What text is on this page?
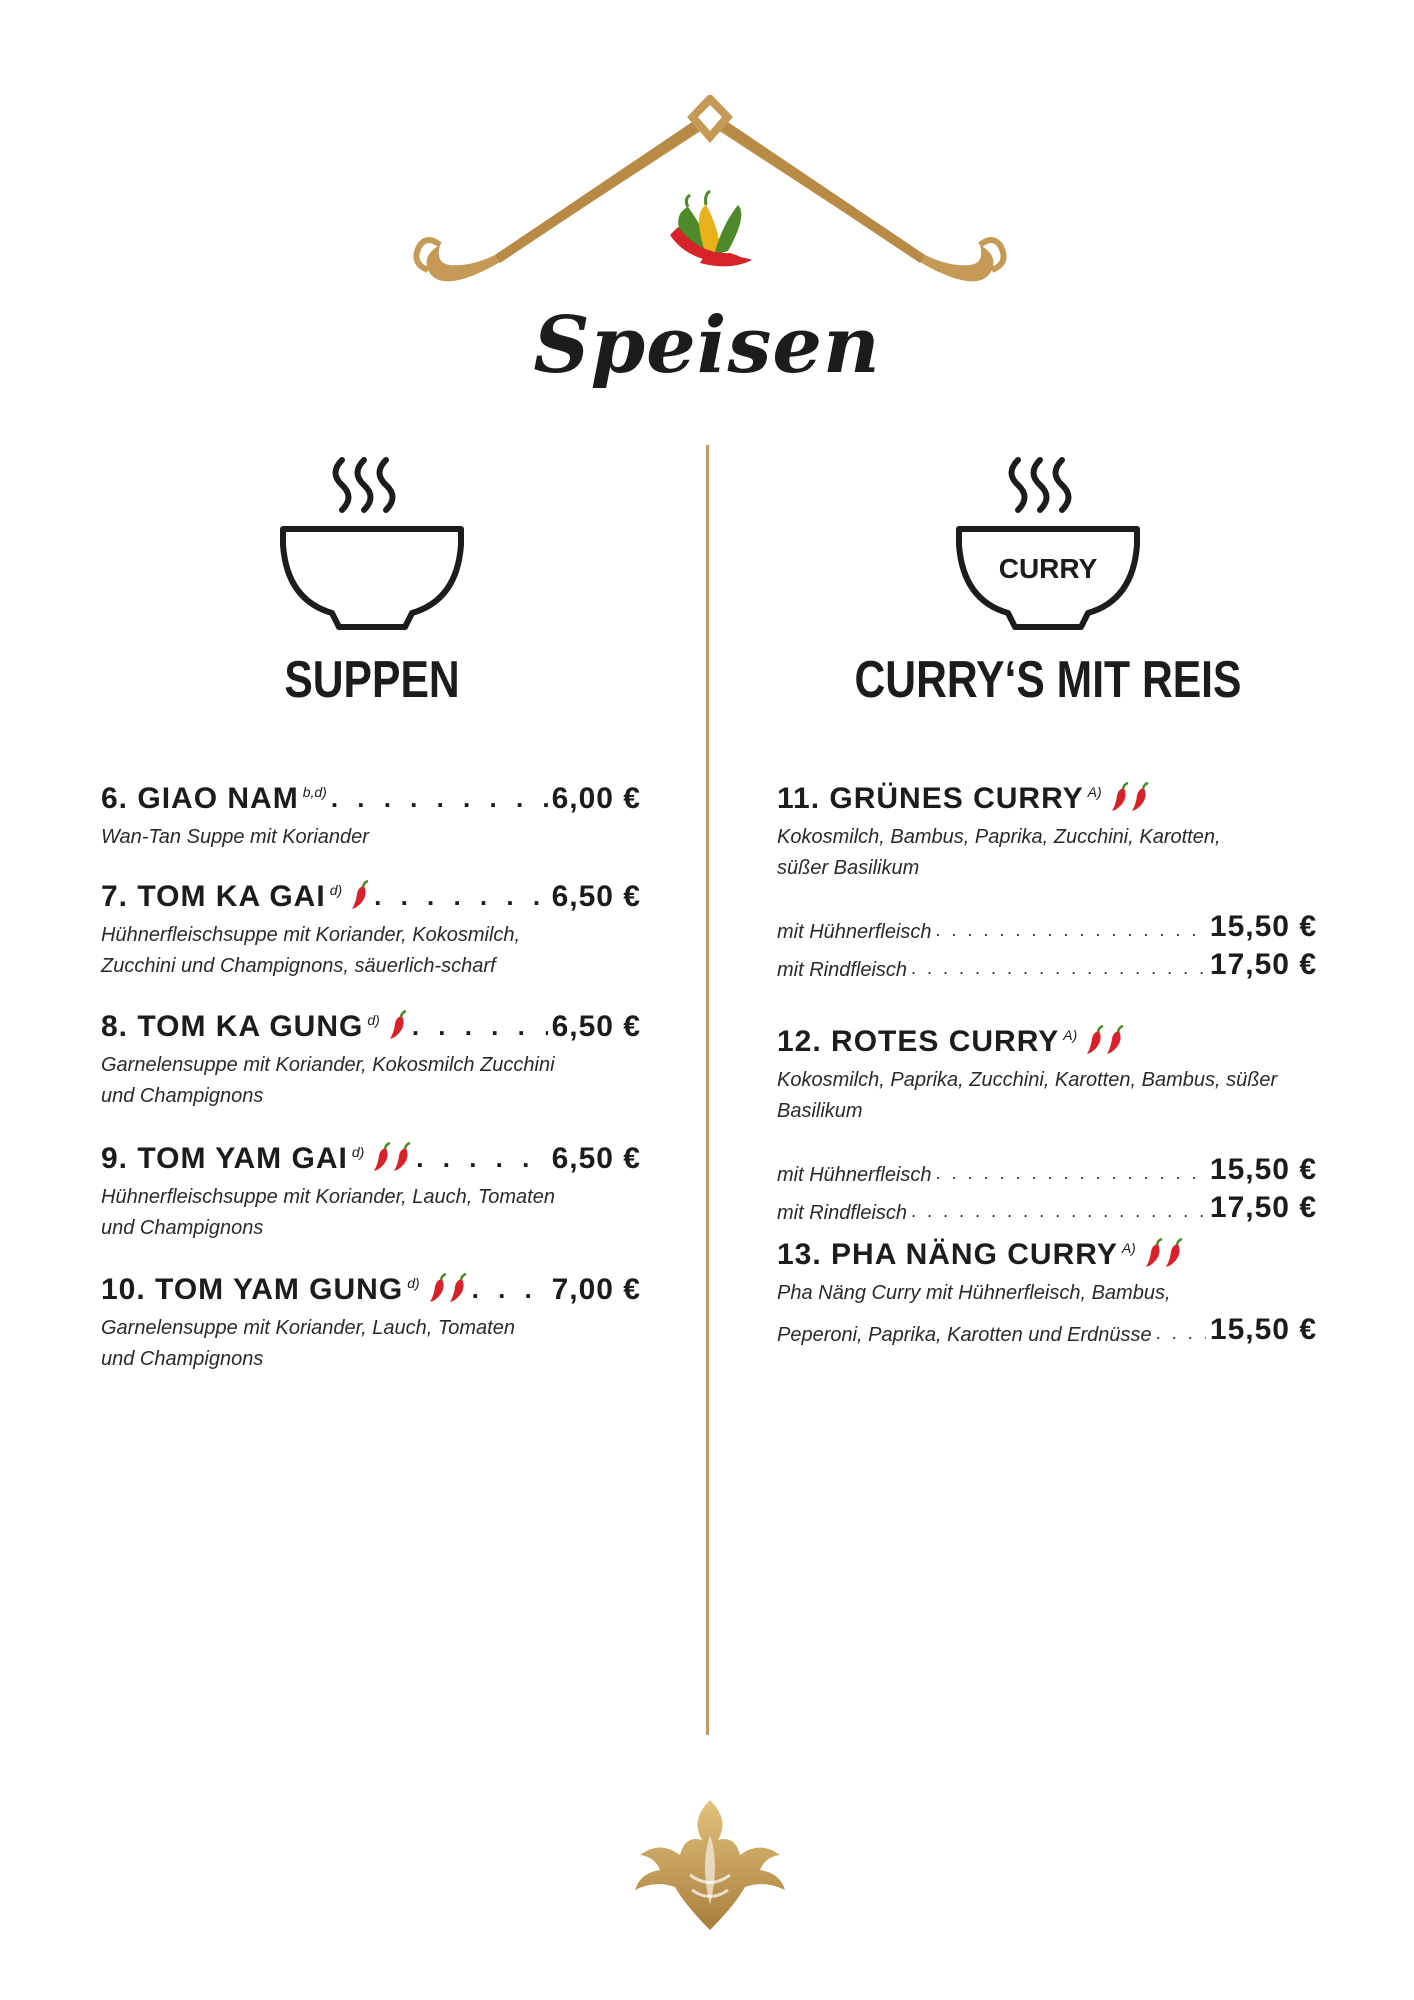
Speisen
SUPPEN
CURRY
CURRY‘S MIT REIS
6. GIAO NAM b,d) . . .	6,00 €
Wan-Tan Suppe mit Koriander
7. TOM KA GAI d) . . .	6,50 €
Hühnerfleischsuppe mit Koriander, Kokosmilch,
Zucchini und Champignons, säuerlich-scharf
8. TOM KA GUNG d) . . .	6,50 €
Garnelensuppe mit Koriander, Kokosmilch Zucchini
und Champignons
9. TOM YAM GAI d) . . .	6,50 €
Hühnerfleischsuppe mit Koriander, Lauch, Tomaten
und Champignons
10. TOM YAM GUNG d) . . .	7,00 €
Garnelensuppe mit Koriander, Lauch, Tomaten
und Champignons
11. GRÜNES CURRY A)
Kokosmilch, Bambus, Paprika, Zucchini, Karotten,
süßer Basilikum
mit Hühnerfleisch . . .	15,50 €
mit Rindfleisch . . .	17,50 €
12. ROTES CURRY A)
Kokosmilch, Paprika, Zucchini, Karotten, Bambus, süßer Basilikum
mit Hühnerfleisch . . .	15,50 €
mit Rindfleisch . . .	17,50 €
13. PHA NÄNG CURRY A)
Pha Näng Curry mit Hühnerfleisch, Bambus,
Peperoni, Paprika, Karotten und Erdnüsse . . . 15,50 €
